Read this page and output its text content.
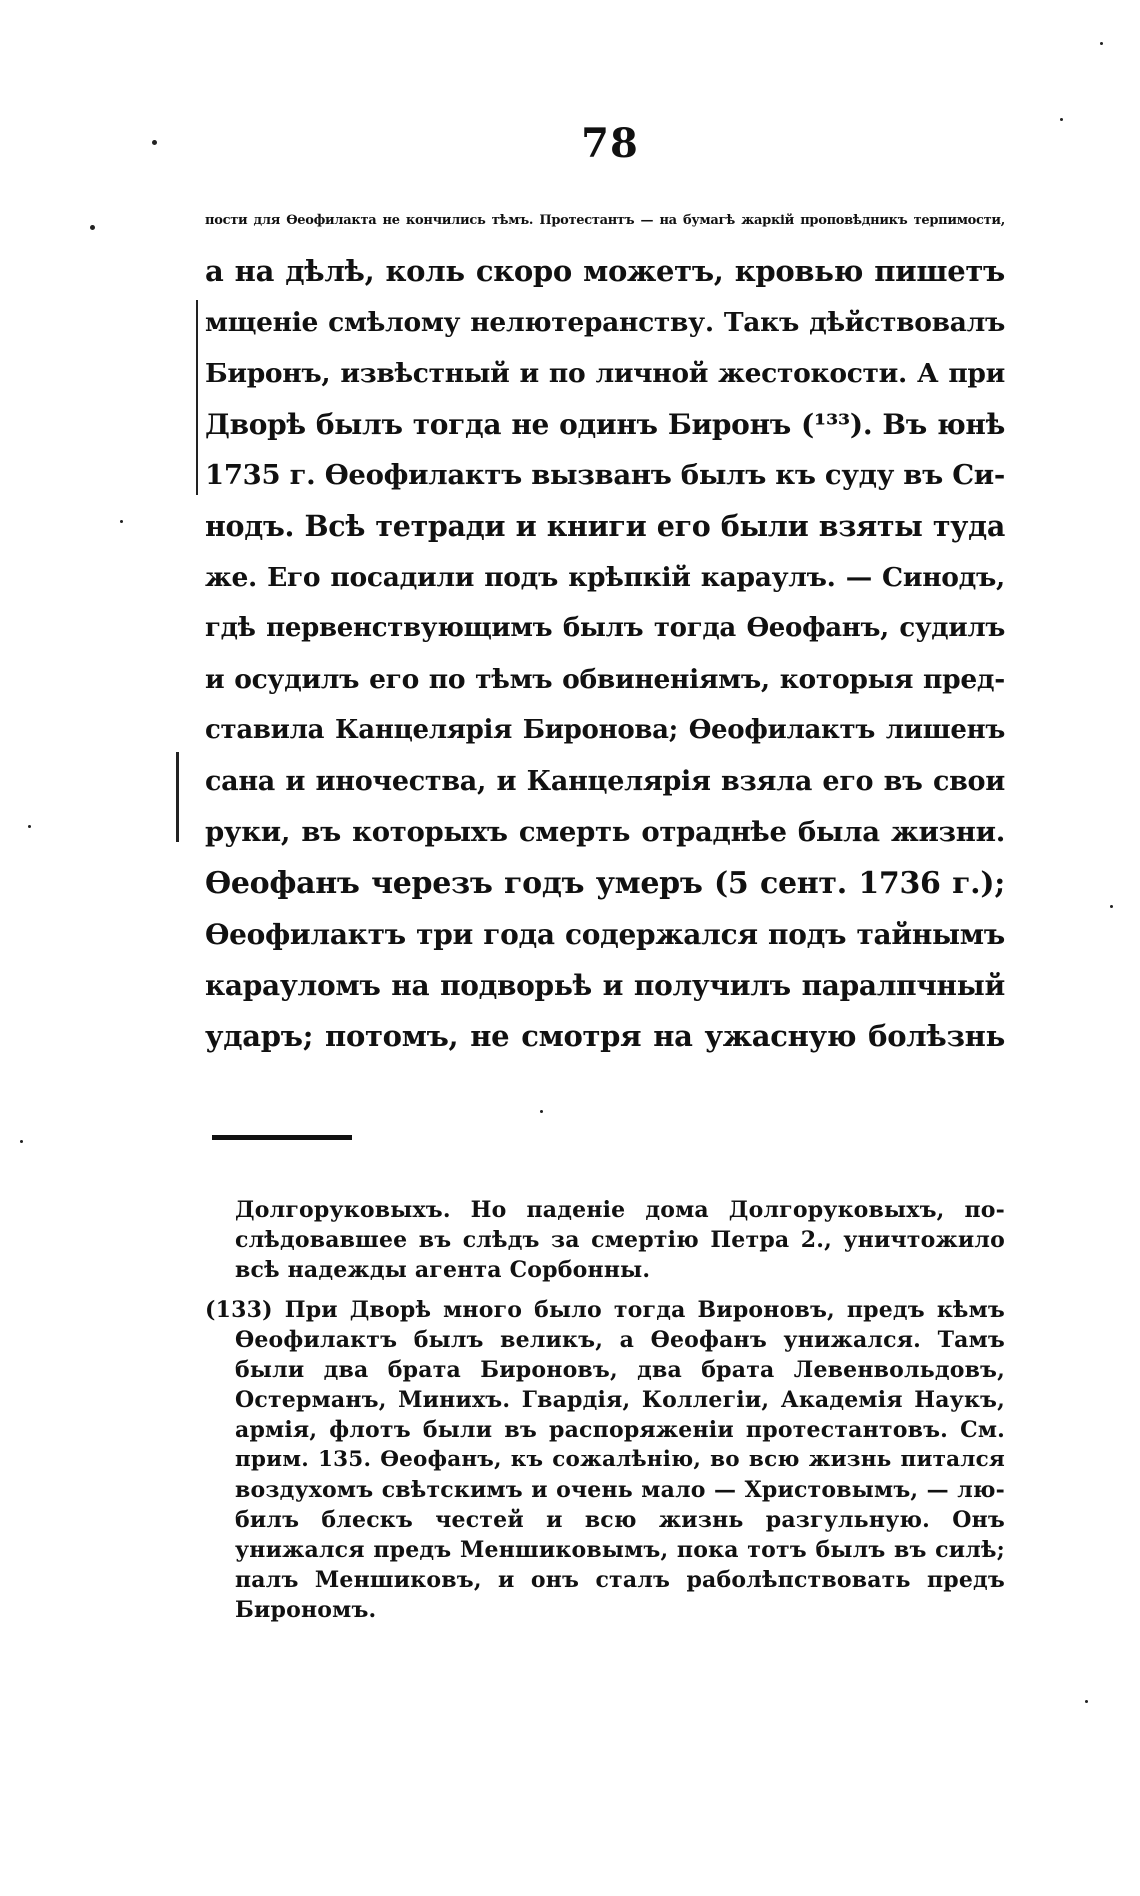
78
пости для Ѳеофилакта не кончились тѣмъ. Протестантъ — на бумагѣ жаркій проповѣдникъ терпимости,
а на дѣлѣ, коль скоро можетъ, кровью пишетъ
мщеніе смѣлому нелютеранству. Такъ дѣйствовалъ
Биронъ, извѣстный и по личной жестокости. А при
Дворѣ былъ тогда не одинъ Биронъ (¹³³). Въ юнѣ
1735 г. Ѳеофилактъ вызванъ былъ къ суду въ Си-
нодъ. Всѣ тетради и книги его были взяты туда
же. Его посадили подъ крѣпкій караулъ. — Синодъ,
гдѣ первенствующимъ былъ тогда Ѳеофанъ, судилъ
и осудилъ его по тѣмъ обвиненіямъ, которыя пред-
ставила Канцелярія Биронова; Ѳеофилактъ лишенъ
сана и иночества, и Канцелярія взяла его въ свои
руки, въ которыхъ смерть отраднѣе была жизни.
Ѳеофанъ черезъ годъ умеръ (5 сент. 1736 г.);
Ѳеофилактъ три года содержался подъ тайнымъ
карауломъ на подворьѣ и получилъ паралпчный
ударъ; потомъ, не смотря на ужасную болѣзнь
Долгоруковыхъ. Но паденіе дома Долгоруковыхъ, по-
слѣдовавшее въ слѣдъ за смертію Петра 2., уничтожило
всѣ надежды агента Сорбонны.
(133) При Дворѣ много было тогда Вироновъ, предъ кѣмъ
Ѳеофилактъ былъ великъ, а Ѳеофанъ унижался. Тамъ
были два брата Бироновъ, два брата Левенвольдовъ,
Остерманъ, Минихъ. Гвардія, Коллегіи, Академія Наукъ,
армія, флотъ были въ распоряженіи протестантовъ. См.
прим. 135. Ѳеофанъ, къ сожалѣнію, во всю жизнь питался
воздухомъ свѣтскимъ и очень мало — Христовымъ, — лю-
билъ блескъ честей и всю жизнь разгульную. Онъ
унижался предъ Меншиковымъ, пока тотъ былъ въ силѣ;
палъ Меншиковъ, и онъ сталъ раболѣпствовать предъ
Бирономъ.
